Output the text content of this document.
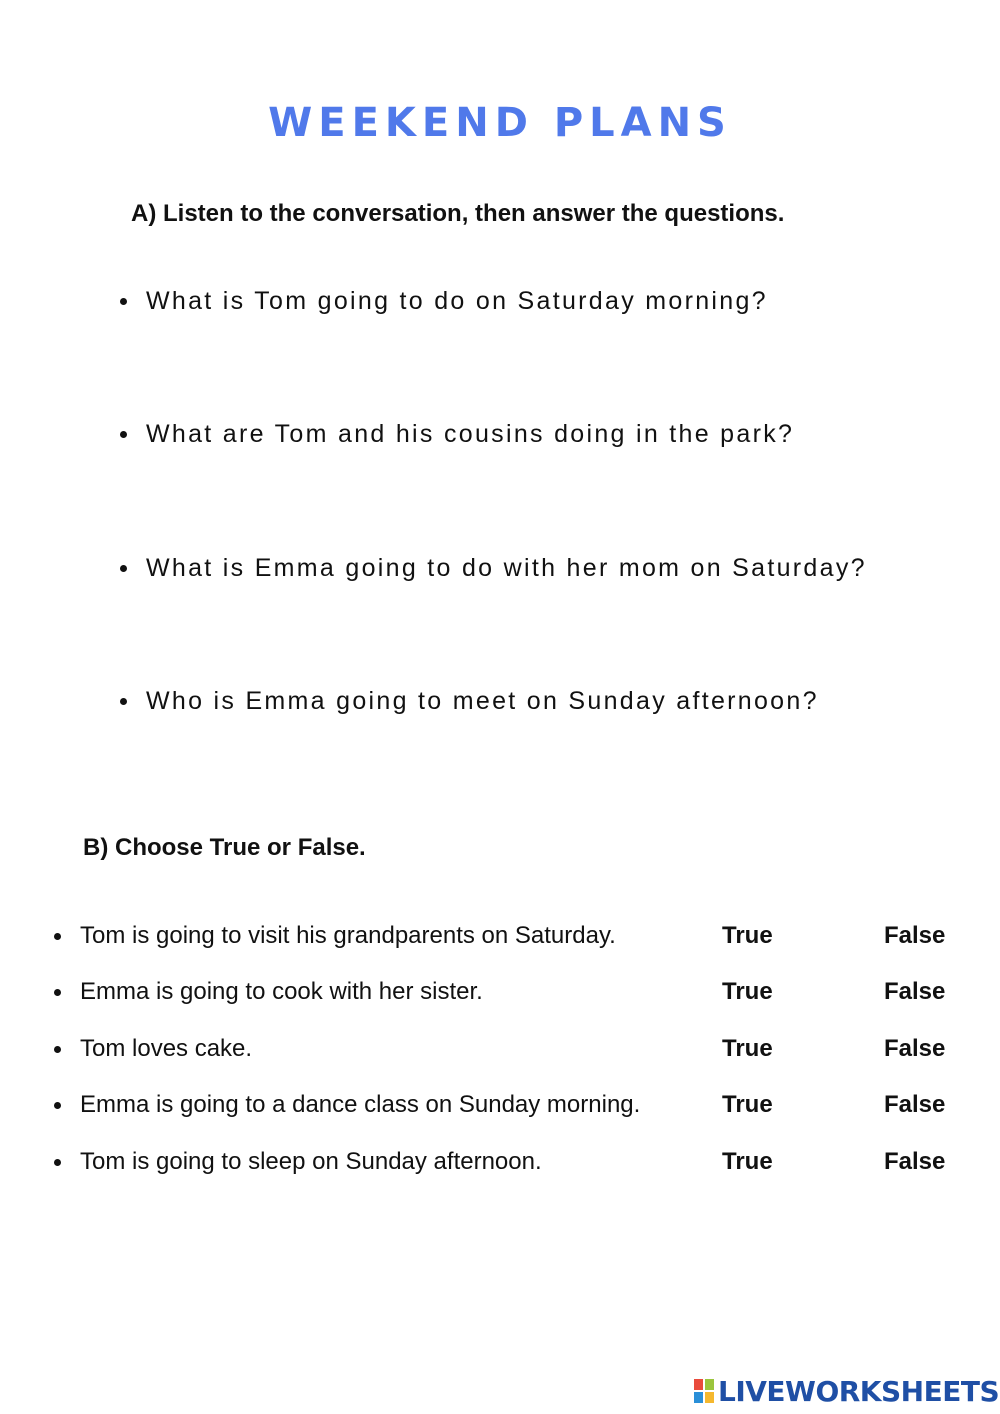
WEEKEND PLANS

A) Listen to the conversation, then answer the questions.

What is Tom going to do on Saturday morning?
What are Tom and his cousins doing in the park?
What is Emma going to do with her mom on Saturday?
Who is Emma going to meet on Sunday afternoon?

B) Choose True or False.

Tom is going to visit his grandparents on Saturday.	True	False
Emma is going to cook with her sister.	True	False
Tom loves cake.	True	False
Emma is going to a dance class on Sunday morning.	True	False
Tom is going to sleep on Sunday afternoon.	True	False
LIVEWORKSHEETS
